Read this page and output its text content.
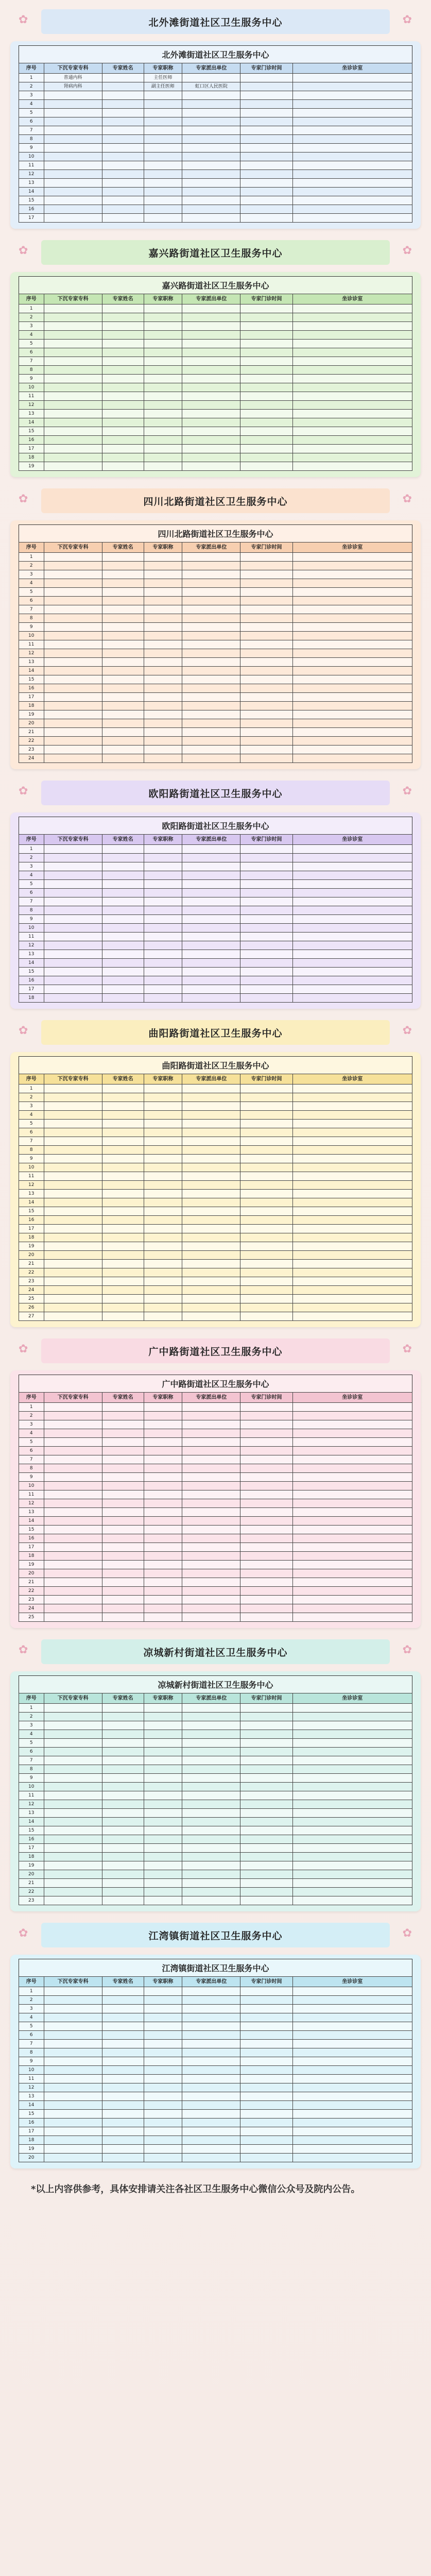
✿ 北外滩街道社区卫生服务中心 ✿
北外滩街道社区卫生服务中心
序号	下沉专家专科	专家姓名	专家职称	专家派出单位	专家门诊时间	坐诊诊室
1	普通内科		主任医师			
2	肾病内科		副主任医师	虹口区人民医院		
3						
4						
5						
6						
7						
8						
9						
10						
11						
12						
13						
14						
15						
16						
17						
✿ 嘉兴路街道社区卫生服务中心 ✿
嘉兴路街道社区卫生服务中心
序号	下沉专家专科	专家姓名	专家职称	专家派出单位	专家门诊时间	坐诊诊室
1						
2						
3						
4						
5						
6						
7						
8						
9						
10						
11						
12						
13						
14						
15						
16						
17						
18						
19						
✿ 四川北路街道社区卫生服务中心 ✿
四川北路街道社区卫生服务中心
序号	下沉专家专科	专家姓名	专家职称	专家派出单位	专家门诊时间	坐诊诊室
1						
2						
3						
4						
5						
6						
7						
8						
9						
10						
11						
12						
13						
14						
15						
16						
17						
18						
19						
20						
21						
22						
23						
24						
✿ 欧阳路街道社区卫生服务中心 ✿
欧阳路街道社区卫生服务中心
序号	下沉专家专科	专家姓名	专家职称	专家派出单位	专家门诊时间	坐诊诊室
1						
2						
3						
4						
5						
6						
7						
8						
9						
10						
11						
12						
13						
14						
15						
16						
17						
18						
✿ 曲阳路街道社区卫生服务中心 ✿
曲阳路街道社区卫生服务中心
序号	下沉专家专科	专家姓名	专家职称	专家派出单位	专家门诊时间	坐诊诊室
1						
2						
3						
4						
5						
6						
7						
8						
9						
10						
11						
12						
13						
14						
15						
16						
17						
18						
19						
20						
21						
22						
23						
24						
25						
26						
27						
✿ 广中路街道社区卫生服务中心 ✿
广中路街道社区卫生服务中心
序号	下沉专家专科	专家姓名	专家职称	专家派出单位	专家门诊时间	坐诊诊室
1						
2						
3						
4						
5						
6						
7						
8						
9						
10						
11						
12						
13						
14						
15						
16						
17						
18						
19						
20						
21						
22						
23						
24						
25						
✿ 凉城新村街道社区卫生服务中心 ✿
凉城新村街道社区卫生服务中心
序号	下沉专家专科	专家姓名	专家职称	专家派出单位	专家门诊时间	坐诊诊室
1						
2						
3						
4						
5						
6						
7						
8						
9						
10						
11						
12						
13						
14						
15						
16						
17						
18						
19						
20						
21						
22						
23						
✿ 江湾镇街道社区卫生服务中心 ✿
江湾镇街道社区卫生服务中心
序号	下沉专家专科	专家姓名	专家职称	专家派出单位	专家门诊时间	坐诊诊室
1						
2						
3						
4						
5						
6						
7						
8						
9						
10						
11						
12						
13						
14						
15						
16						
17						
18						
19						
20						
*以上内容供参考，具体安排请关注各社区卫生服务中心微信公众号及院内公告。
